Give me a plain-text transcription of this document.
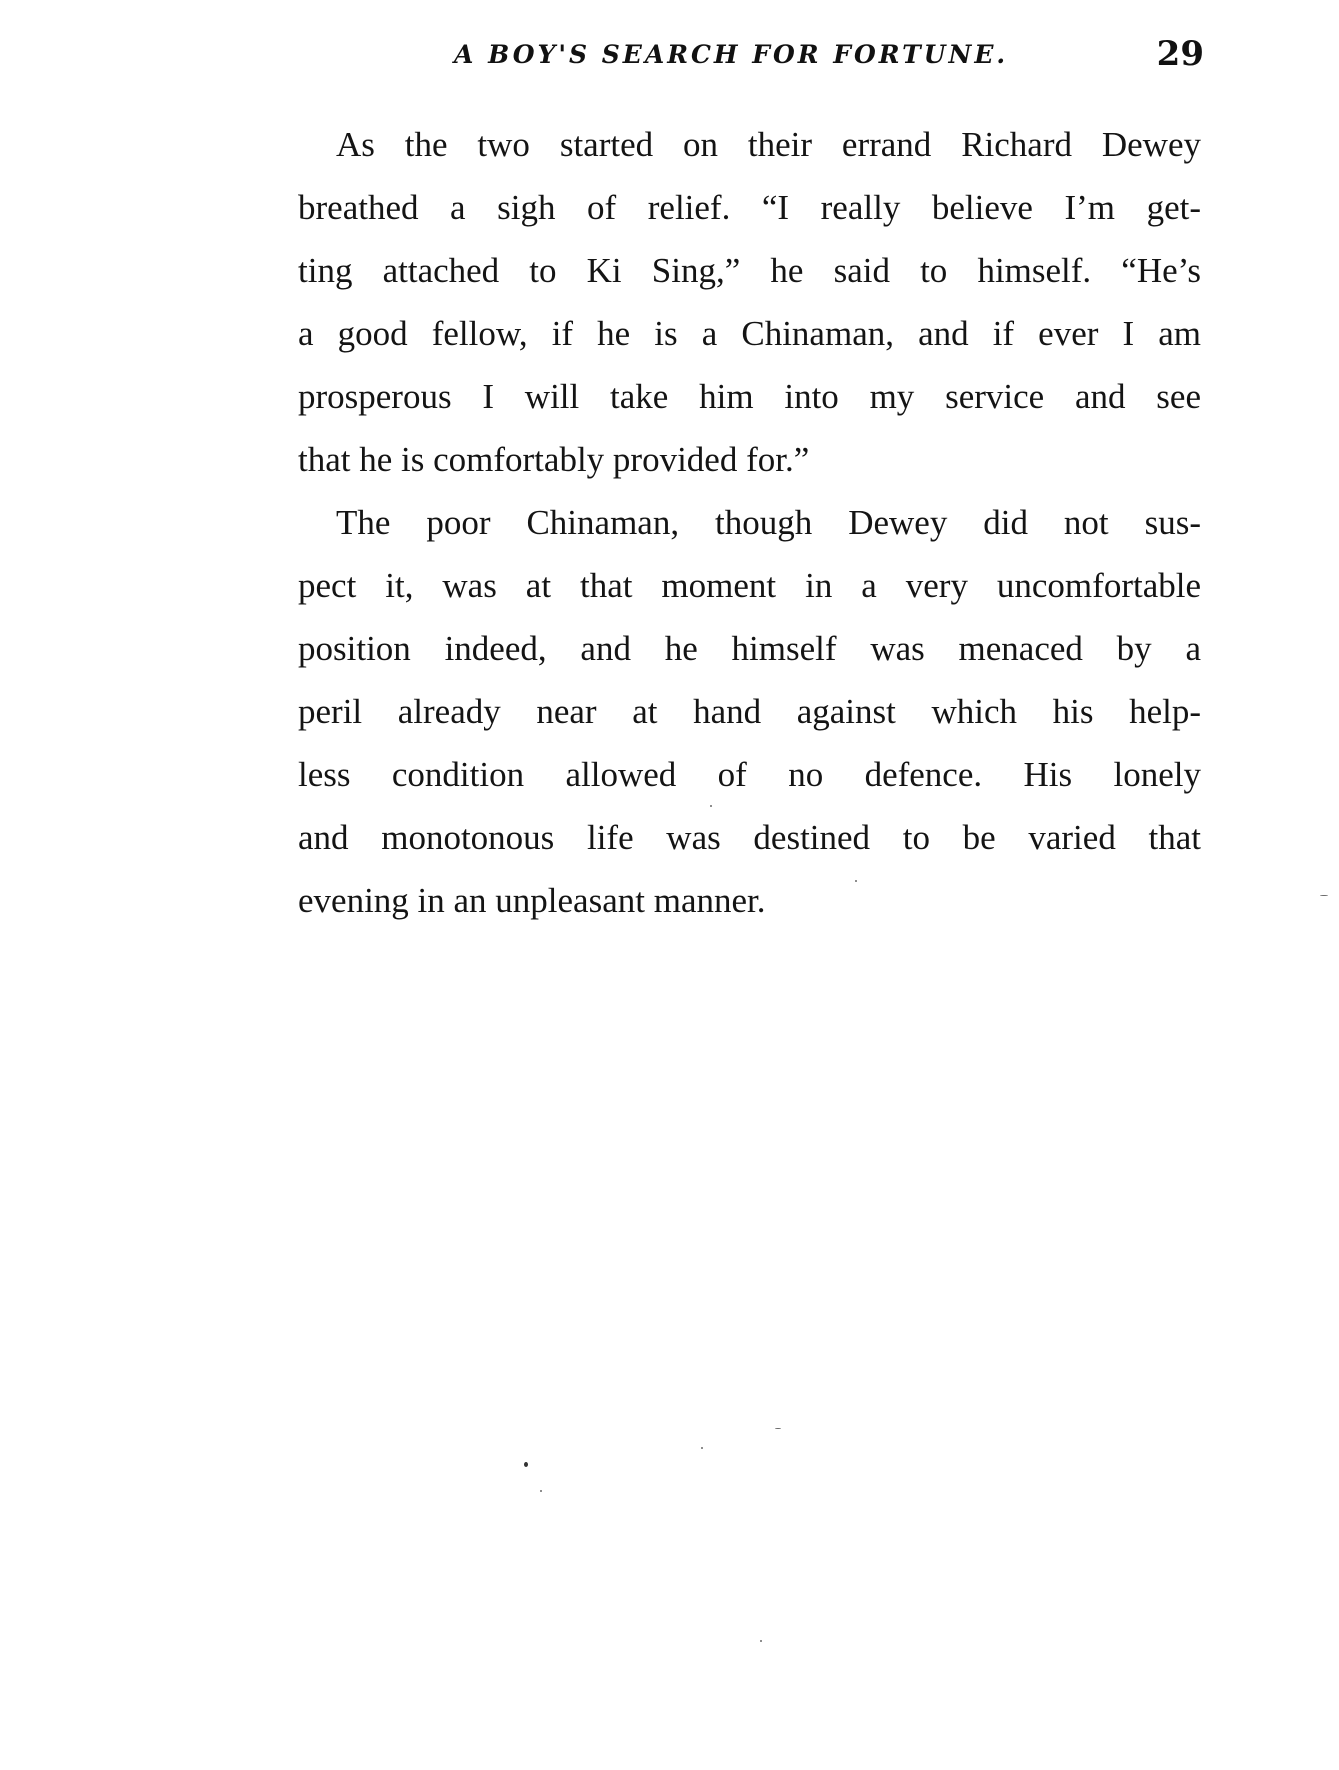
A BOY'S SEARCH FOR FORTUNE.	29
As the two started on their errand Richard Dewey
breathed a sigh of relief. “I really believe I’m get-
ting attached to Ki Sing,” he said to himself. “He’s
a good fellow, if he is a Chinaman, and if ever I am
prosperous I will take him into my service and see
that he is comfortably provided for.”
The poor Chinaman, though Dewey did not sus-
pect it, was at that moment in a very uncomfortable
position indeed, and he himself was menaced by a
peril already near at hand against which his help-
less condition allowed of no defence. His lonely
and monotonous life was destined to be varied that
evening in an unpleasant manner.
